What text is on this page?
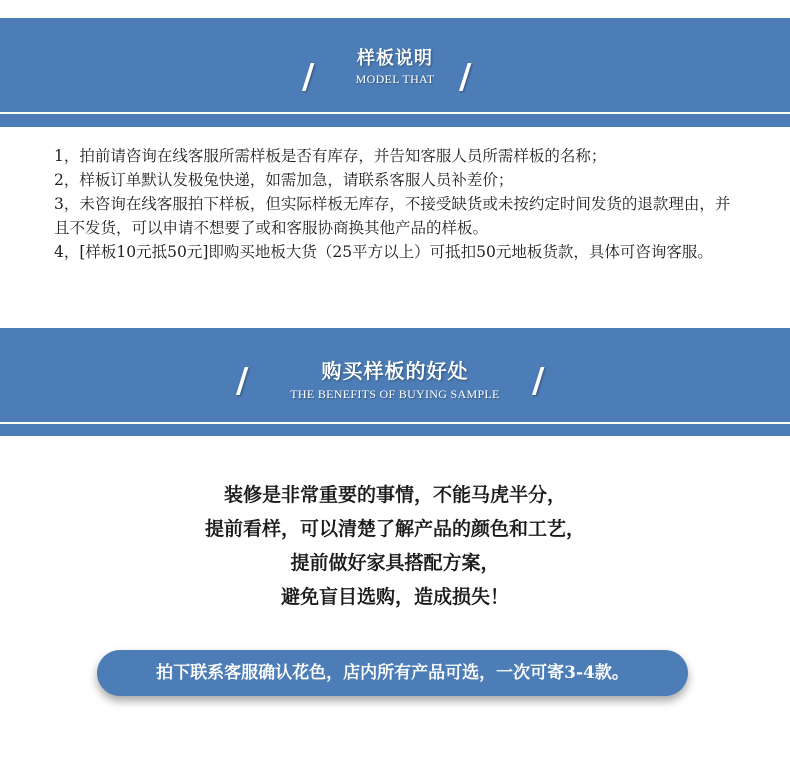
/	样板说明
MODEL THAT /

1，拍前请咨询在线客服所需样板是否有库存，并告知客服人员所需样板的名称；

2，样板订单默认发极兔快递，如需加急，请联系客服人员补差价；

3，未咨询在线客服拍下样板，但实际样板无库存，不接受缺货或未按约定时间发货的退款理由，并且不发货，可以申请不想要了或和客服协商换其他产品的样板。

4，[样板10元抵50元]即购买地板大货（25平方以上）可抵扣50元地板货款，具体可咨询客服。

/	购买样板的好处
THE BENEFITS OF BUYING SAMPLE /

装修是非常重要的事情，不能马虎半分，

提前看样，可以清楚了解产品的颜色和工艺，

提前做好家具搭配方案，

避免盲目选购，造成损失！

拍下联系客服确认花色，店内所有产品可选，一次可寄3-4款。
